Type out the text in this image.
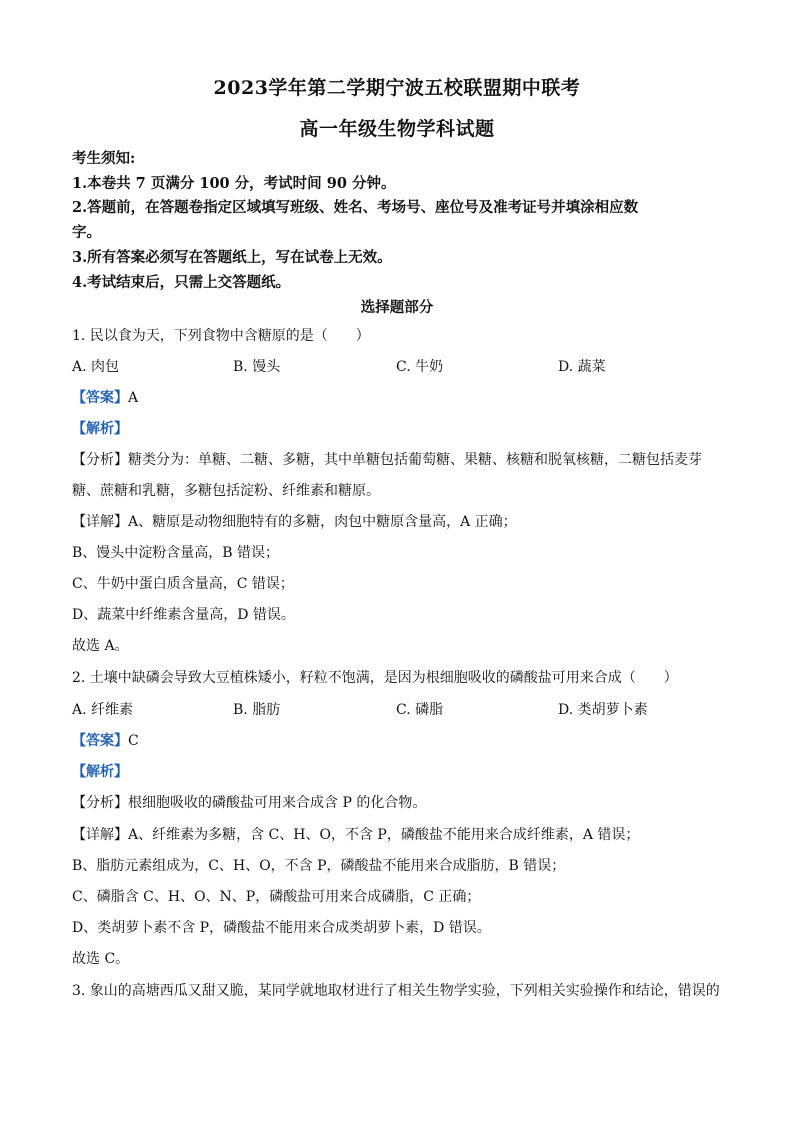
2023学年第二学期宁波五校联盟期中联考
高一年级生物学科试题
考生须知:
1.本卷共 7 页满分 100 分，考试时间 90 分钟。
2.答题前，在答题卷指定区域填写班级、姓名、考场号、座位号及准考证号并填涂相应数
字。
3.所有答案必须写在答题纸上，写在试卷上无效。
4.考试结束后，只需上交答题纸。
选择题部分
1. 民以食为天，下列食物中含糖原的是（　　）
A. 肉包	B. 馒头	C. 牛奶	D. 蔬菜
【答案】A
【解析】
【分析】糖类分为：单糖、二糖、多糖，其中单糖包括葡萄糖、果糖、核糖和脱氧核糖，二糖包括麦芽
糖、蔗糖和乳糖，多糖包括淀粉、纤维素和糖原。
【详解】A、糖原是动物细胞特有的多糖，肉包中糖原含量高，A 正确；
B、馒头中淀粉含量高，B 错误；
C、牛奶中蛋白质含量高，C 错误；
D、蔬菜中纤维素含量高，D 错误。
故选 A。
2. 土壤中缺磷会导致大豆植株矮小，籽粒不饱满，是因为根细胞吸收的磷酸盐可用来合成（　　）
A. 纤维素	B. 脂肪	C. 磷脂	D. 类胡萝卜素
【答案】C
【解析】
【分析】根细胞吸收的磷酸盐可用来合成含 P 的化合物。
【详解】A、纤维素为多糖，含 C、H、O，不含 P，磷酸盐不能用来合成纤维素，A 错误；
B、脂肪元素组成为，C、H、O，不含 P，磷酸盐不能用来合成脂肪，B 错误；
C、磷脂含 C、H、O、N、P，磷酸盐可用来合成磷脂，C 正确；
D、类胡萝卜素不含 P，磷酸盐不能用来合成类胡萝卜素，D 错误。
故选 C。
3. 象山的高塘西瓜又甜又脆，某同学就地取材进行了相关生物学实验，下列相关实验操作和结论，错误的
